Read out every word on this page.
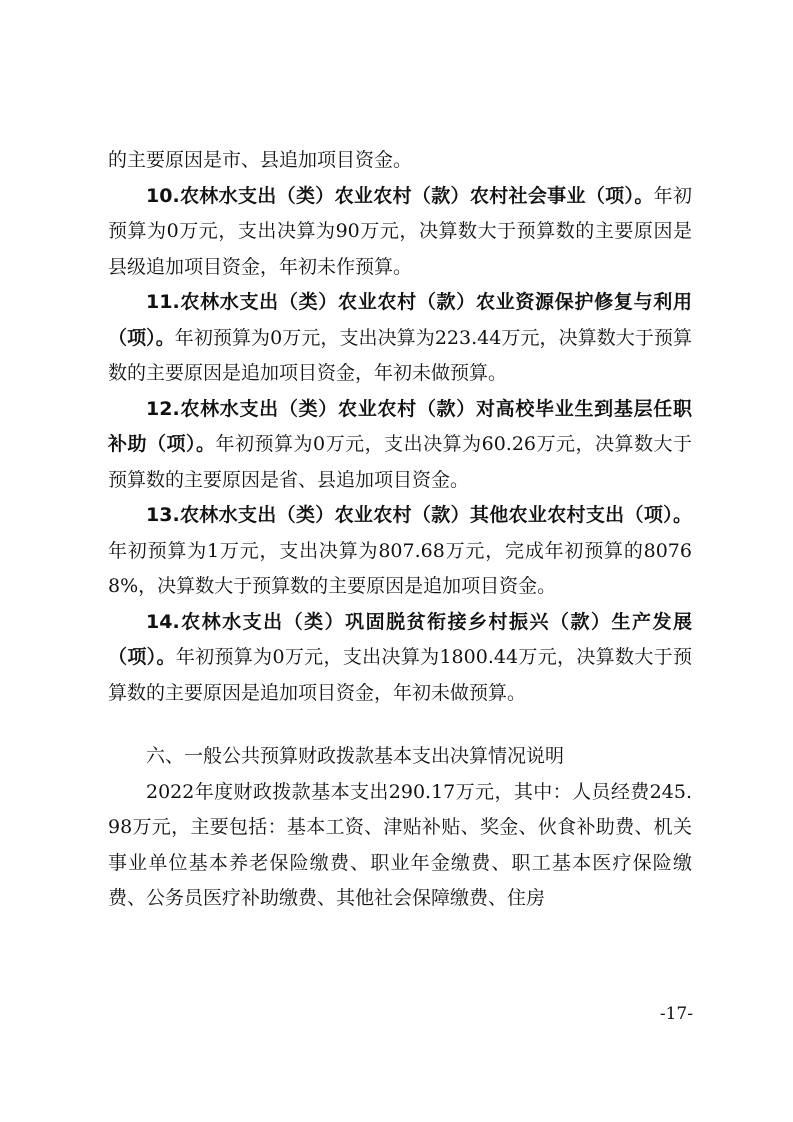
的主要原因是市、县追加项目资金。

10.农林水支出（类）农业农村（款）农村社会事业（项）。年初预算为0万元，支出决算为90万元，决算数大于预算数的主要原因是县级追加项目资金，年初未作预算。

11.农林水支出（类）农业农村（款）农业资源保护修复与利用（项）。年初预算为0万元，支出决算为223.44万元，决算数大于预算数的主要原因是追加项目资金，年初未做预算。

12.农林水支出（类）农业农村（款）对高校毕业生到基层任职补助（项）。年初预算为0万元，支出决算为60.26万元，决算数大于预算数的主要原因是省、县追加项目资金。

13.农林水支出（类）农业农村（款）其他农业农村支出（项）。年初预算为1万元，支出决算为807.68万元，完成年初预算的80768%，决算数大于预算数的主要原因是追加项目资金。

14.农林水支出（类）巩固脱贫衔接乡村振兴（款）生产发展（项）。年初预算为0万元，支出决算为1800.44万元，决算数大于预算数的主要原因是追加项目资金，年初未做预算。

六、一般公共预算财政拨款基本支出决算情况说明

2022年度财政拨款基本支出290.17万元，其中：人员经费245.98万元，主要包括：基本工资、津贴补贴、奖金、伙食补助费、机关事业单位基本养老保险缴费、职业年金缴费、职工基本医疗保险缴费、公务员医疗补助缴费、其他社会保障缴费、住房

-17-
